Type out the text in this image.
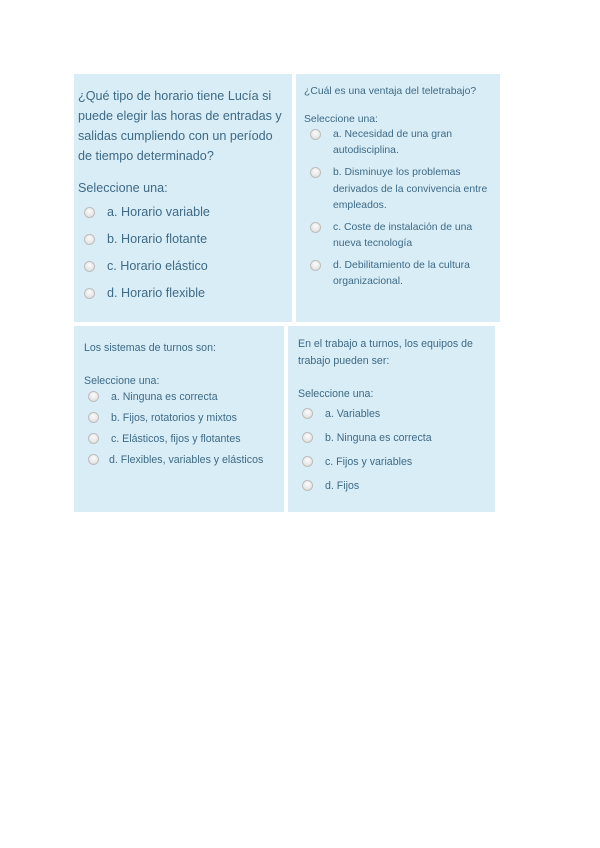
¿Qué tipo de horario tiene Lucía si puede elegir las horas de entradas y salidas cumpliendo con un período de tiempo determinado?

Seleccione una:

a. Horario variable
b. Horario flotante
c. Horario elástico
d. Horario flexible

¿Cuál es una ventaja del teletrabajo?

Seleccione una:

a. Necesidad de una gran autodisciplina.
b. Disminuye los problemas derivados de la convivencia entre empleados.
c. Coste de instalación de una nueva tecnología
d. Debilitamiento de la cultura organizacional.

Los sistemas de turnos son:

Seleccione una:

a. Ninguna es correcta
b. Fijos, rotatorios y mixtos
c. Elásticos, fijos y flotantes
d. Flexibles, variables y elásticos

En el trabajo a turnos, los equipos de trabajo pueden ser:

Seleccione una:

a. Variables
b. Ninguna es correcta
c. Fijos y variables
d. Fijos
